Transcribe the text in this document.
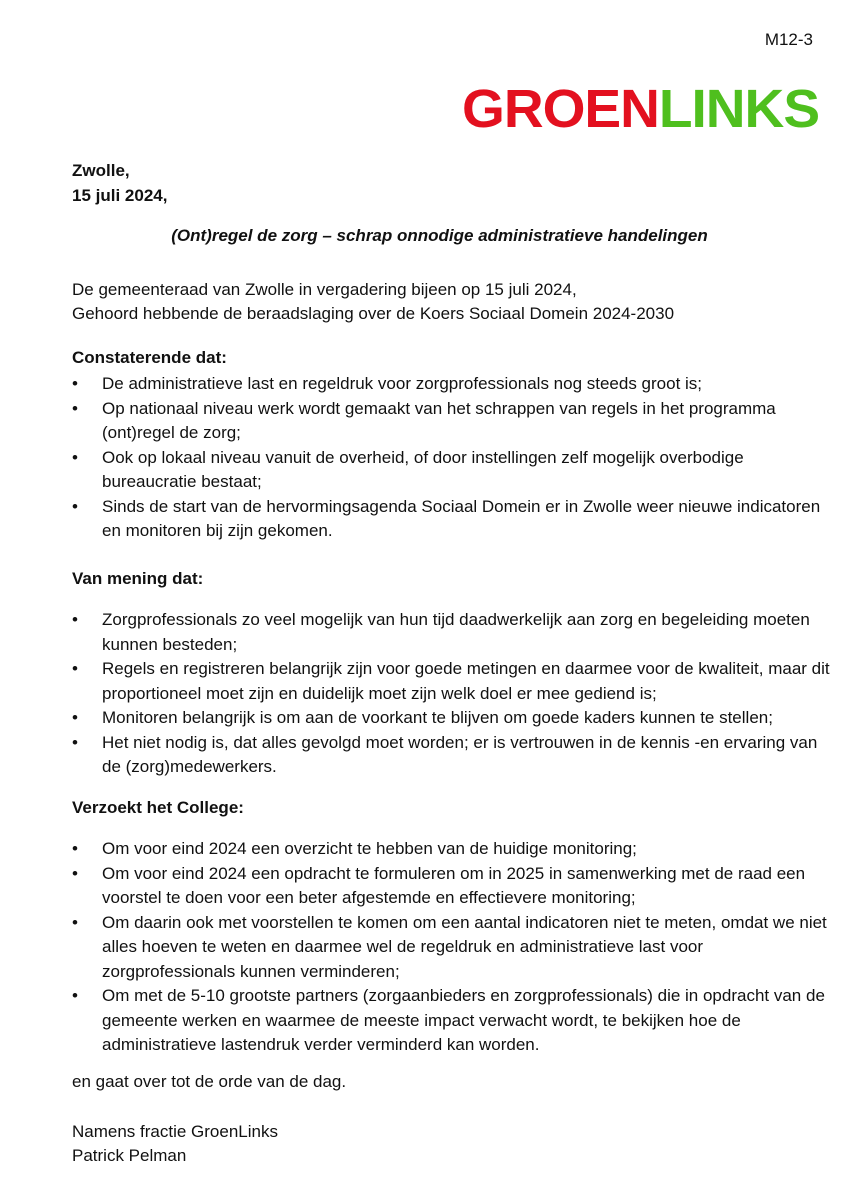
M12-3
GROENLINKS
Zwolle,
15 juli 2024,
(Ont)regel de zorg – schrap onnodige administratieve handelingen
De gemeenteraad van Zwolle in vergadering bijeen op 15 juli 2024,
Gehoord hebbende de beraadslaging over de Koers Sociaal Domein 2024-2030
Constaterende dat:
• De administratieve last en regeldruk voor zorgprofessionals nog steeds groot is;
• Op nationaal niveau werk wordt gemaakt van het schrappen van regels in het programma (ont)regel de zorg;
• Ook op lokaal niveau vanuit de overheid, of door instellingen zelf mogelijk overbodige bureaucratie bestaat;
• Sinds de start van de hervormingsagenda Sociaal Domein er in Zwolle weer nieuwe indicatoren en monitoren bij zijn gekomen.
Van mening dat:
• Zorgprofessionals zo veel mogelijk van hun tijd daadwerkelijk aan zorg en begeleiding moeten kunnen besteden;
• Regels en registreren belangrijk zijn voor goede metingen en daarmee voor de kwaliteit, maar dit proportioneel moet zijn en duidelijk moet zijn welk doel er mee gediend is;
• Monitoren belangrijk is om aan de voorkant te blijven om goede kaders kunnen te stellen;
• Het niet nodig is, dat alles gevolgd moet worden; er is vertrouwen in de kennis -en ervaring van de (zorg)medewerkers.
Verzoekt het College:
• Om voor eind 2024 een overzicht te hebben van de huidige monitoring;
• Om voor eind 2024 een opdracht te formuleren om in 2025 in samenwerking met de raad een voorstel te doen voor een beter afgestemde en effectievere monitoring;
• Om daarin ook met voorstellen te komen om een aantal indicatoren niet te meten, omdat we niet alles hoeven te weten en daarmee wel de regeldruk en administratieve last voor zorgprofessionals kunnen verminderen;
• Om met de 5-10 grootste partners (zorgaanbieders en zorgprofessionals) die in opdracht van de gemeente werken en waarmee de meeste impact verwacht wordt, te bekijken hoe de administratieve lastendruk verder verminderd kan worden.
en gaat over tot de orde van de dag.
Namens fractie GroenLinks
Patrick Pelman
